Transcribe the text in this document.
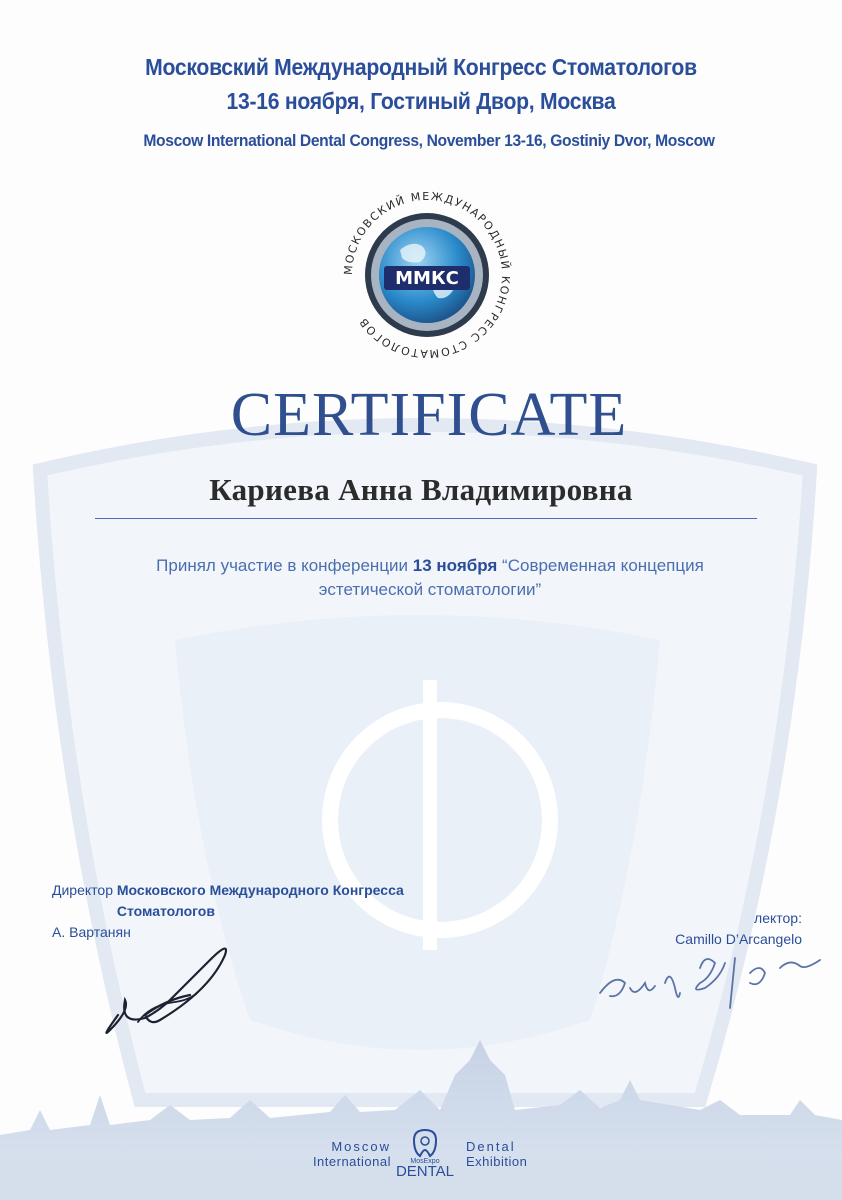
Московский Международный Конгресс Стоматологов
13-16 ноября, Гостиный Двор, Москва
Moscow International Dental Congress, November 13-16, Gostiniy Dvor, Moscow
МОСКОВСКИЙ МЕЖДУНАРОДНЫЙ КОНГРЕСС СТОМАТОЛОГОВ
ММКС
CERTIFICATE
Кариева Анна Владимировна
Принял участие в конференции 13 ноября “Современная концепция эстетической стоматологии”
Директор Московского Международного Конгресса Стоматологов
А. Вартанян
лектор:
Camillo D’Arcangelo
Moscow
International	MosExpo
DENTAL
Dental
Exhibition
